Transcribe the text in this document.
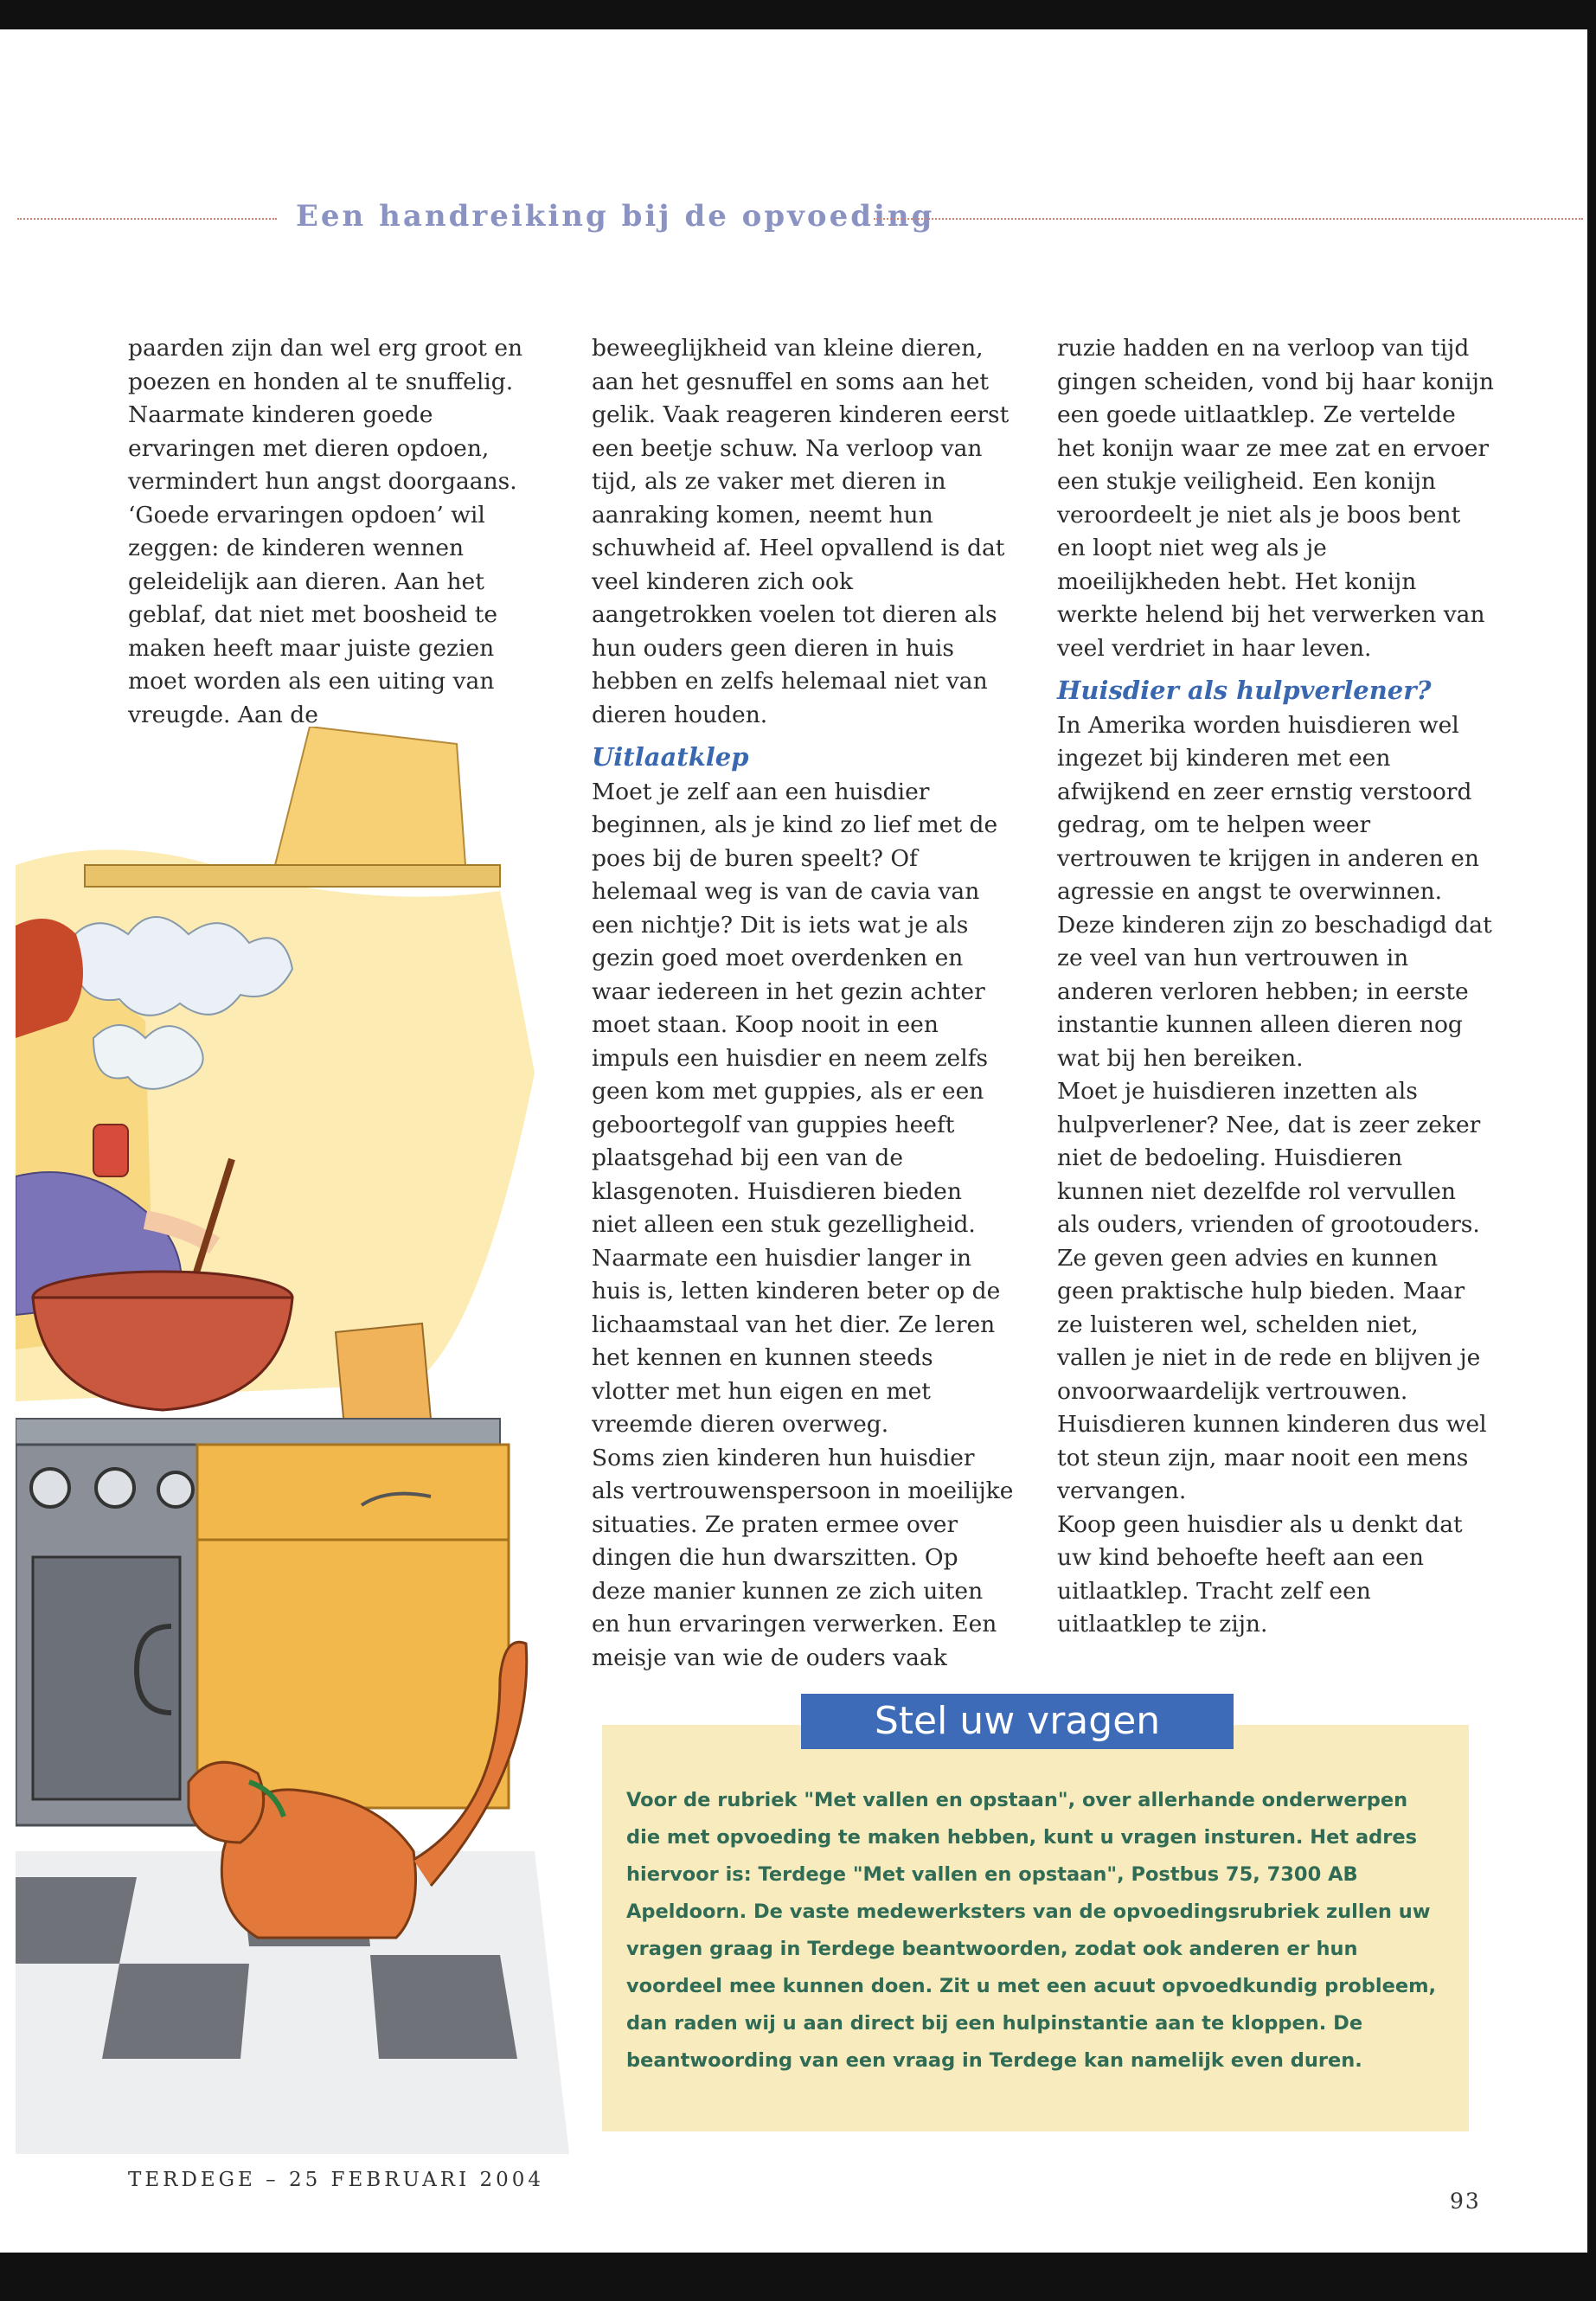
Een handreiking bij de opvoeding

paarden zijn dan wel erg groot en poezen en honden al te snuffelig. Naarmate kinderen goede ervaringen met dieren opdoen, vermindert hun angst doorgaans.

‘Goede ervaringen opdoen’ wil zeggen: de kinderen wennen geleidelijk aan dieren. Aan het geblaf, dat niet met boosheid te maken heeft maar juiste gezien moet worden als een uiting van vreugde. Aan de

beweeglijkheid van kleine dieren, aan het gesnuffel en soms aan het gelik. Vaak reageren kinderen eerst een beetje schuw. Na verloop van tijd, als ze vaker met dieren in aanraking komen, neemt hun schuwheid af. Heel opvallend is dat veel kinderen zich ook aangetrokken voelen tot dieren als hun ouders geen dieren in huis hebben en zelfs helemaal niet van dieren houden.

Uitlaatklep

Moet je zelf aan een huisdier beginnen, als je kind zo lief met de poes bij de buren speelt? Of helemaal weg is van de cavia van een nichtje? Dit is iets wat je als gezin goed moet overdenken en waar iedereen in het gezin achter moet staan. Koop nooit in een impuls een huisdier en neem zelfs geen kom met guppies, als er een geboortegolf van guppies heeft plaatsgehad bij een van de klasgenoten. Huisdieren bieden niet alleen een stuk gezelligheid. Naarmate een huisdier langer in huis is, letten kinderen beter op de lichaamstaal van het dier. Ze leren het kennen en kunnen steeds vlotter met hun eigen en met vreemde dieren overweg.

Soms zien kinderen hun huisdier als vertrouwenspersoon in moeilijke situaties. Ze praten ermee over dingen die hun dwarszitten. Op deze manier kunnen ze zich uiten en hun ervaringen verwerken. Een meisje van wie de ouders vaak

ruzie hadden en na verloop van tijd gingen scheiden, vond bij haar konijn een goede uitlaatklep. Ze vertelde het konijn waar ze mee zat en ervoer een stukje veiligheid. Een konijn veroordeelt je niet als je boos bent en loopt niet weg als je moeilijkheden hebt. Het konijn werkte helend bij het verwerken van veel verdriet in haar leven.

Huisdier als hulpverlener?

In Amerika worden huisdieren wel ingezet bij kinderen met een afwijkend en zeer ernstig verstoord gedrag, om te helpen weer vertrouwen te krijgen in anderen en agressie en angst te overwinnen. Deze kinderen zijn zo beschadigd dat ze veel van hun vertrouwen in anderen verloren hebben; in eerste instantie kunnen alleen dieren nog wat bij hen bereiken.

Moet je huisdieren inzetten als hulpverlener? Nee, dat is zeer zeker niet de bedoeling. Huisdieren kunnen niet dezelfde rol vervullen als ouders, vrienden of grootouders. Ze geven geen advies en kunnen geen praktische hulp bieden. Maar ze luisteren wel, schelden niet, vallen je niet in de rede en blijven je onvoorwaardelijk vertrouwen. Huisdieren kunnen kinderen dus wel tot steun zijn, maar nooit een mens vervangen.

Koop geen huisdier als u denkt dat uw kind behoefte heeft aan een uitlaatklep. Tracht zelf een uitlaatklep te zijn.

Stel uw vragen
Voor de rubriek "Met vallen en opstaan", over allerhande onderwerpen die met opvoeding te maken hebben, kunt u vragen insturen. Het adres hiervoor is: Terdege "Met vallen en opstaan", Postbus 75, 7300 AB Apeldoorn. De vaste medewerksters van de opvoedingsrubriek zullen uw vragen graag in Terdege beantwoorden, zodat ook anderen er hun voordeel mee kunnen doen. Zit u met een acuut opvoedkundig probleem, dan raden wij u aan direct bij een hulpinstantie aan te kloppen. De beantwoording van een vraag in Terdege kan namelijk even duren.
TERDEGE – 25 FEBRUARI 2004
93
